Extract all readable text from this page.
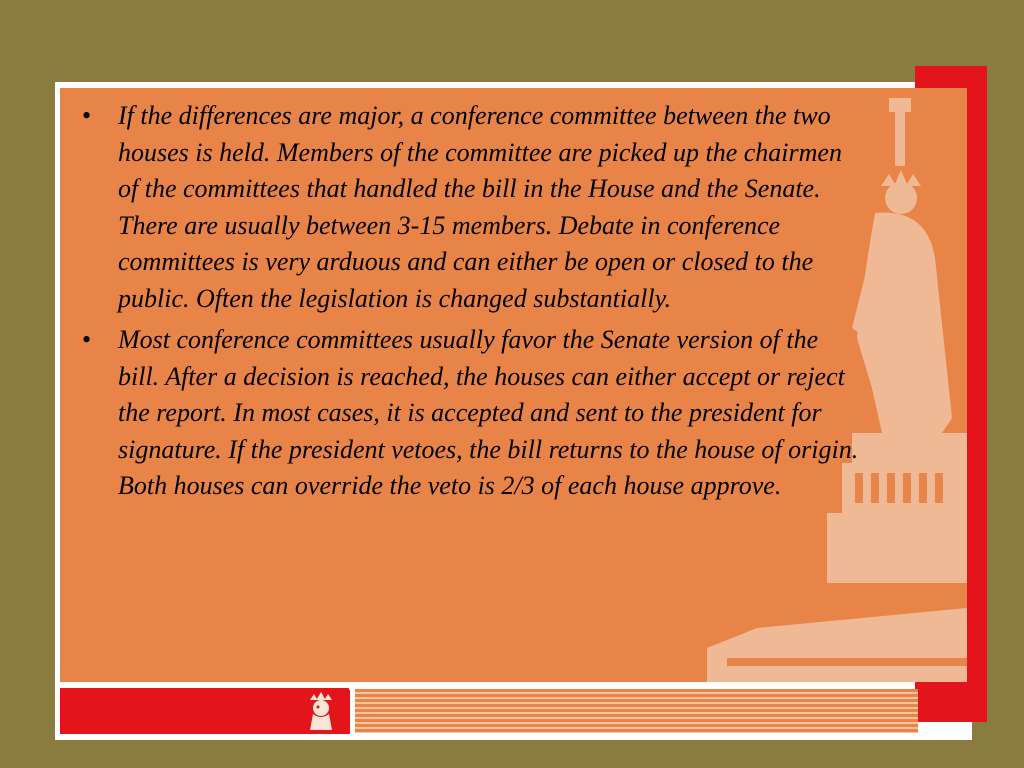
• If the differences are major, a conference committee between the two houses is held. Members of the committee are picked up the chairmen of the committees that handled the bill in the House and the Senate. There are usually between 3-15 members. Debate in conference committees is very arduous and can either be open or closed to the public. Often the legislation is changed substantially.
• Most conference committees usually favor the Senate version of the bill. After a decision is reached, the houses can either accept or reject the report. In most cases, it is accepted and sent to the president for signature. If the president vetoes, the bill returns to the house of origin. Both houses can override the veto is 2/3 of each house approve.
